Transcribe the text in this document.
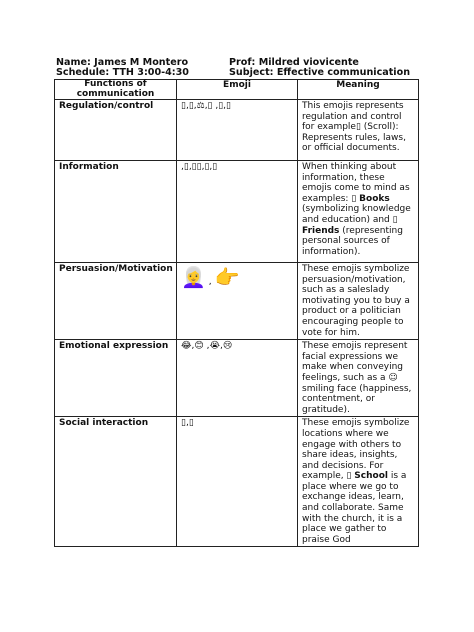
Name: James M Montero	Prof: Mildred viovicente
Schedule: TTH 3:00-4:30	Subject: Effective communication
Functions of communication	Emoji	Meaning
Regulation/control	▯,▯,⚖,▯ ,▯,▯	This emojis represents regulation and control for example▯ (Scroll): Represents rules, laws, or official documents.
Information	,▯,▯▯,▯,▯	When thinking about information, these emojis come to mind as examples: ▯ Books (symbolizing knowledge and education) and ▯ Friends (representing personal sources of information).
Persuasion/Motivation	👩‍🦳 , 👉	These emojis symbolize persuasion/motivation, such as a saleslady motivating you to buy a product or a politician encouraging people to vote for him.
Emotional expression	😂,😊 ,😭,😢	These emojis represent facial expressions we make when conveying feelings, such as a ☺ smiling face (happiness, contentment, or gratitude).
Social interaction	▯,▯	These emojis symbolize locations where we engage with others to share ideas, insights, and decisions. For example, ▯ School is a place where we go to exchange ideas, learn, and collaborate. Same with the church, it is a place we gather to praise God
